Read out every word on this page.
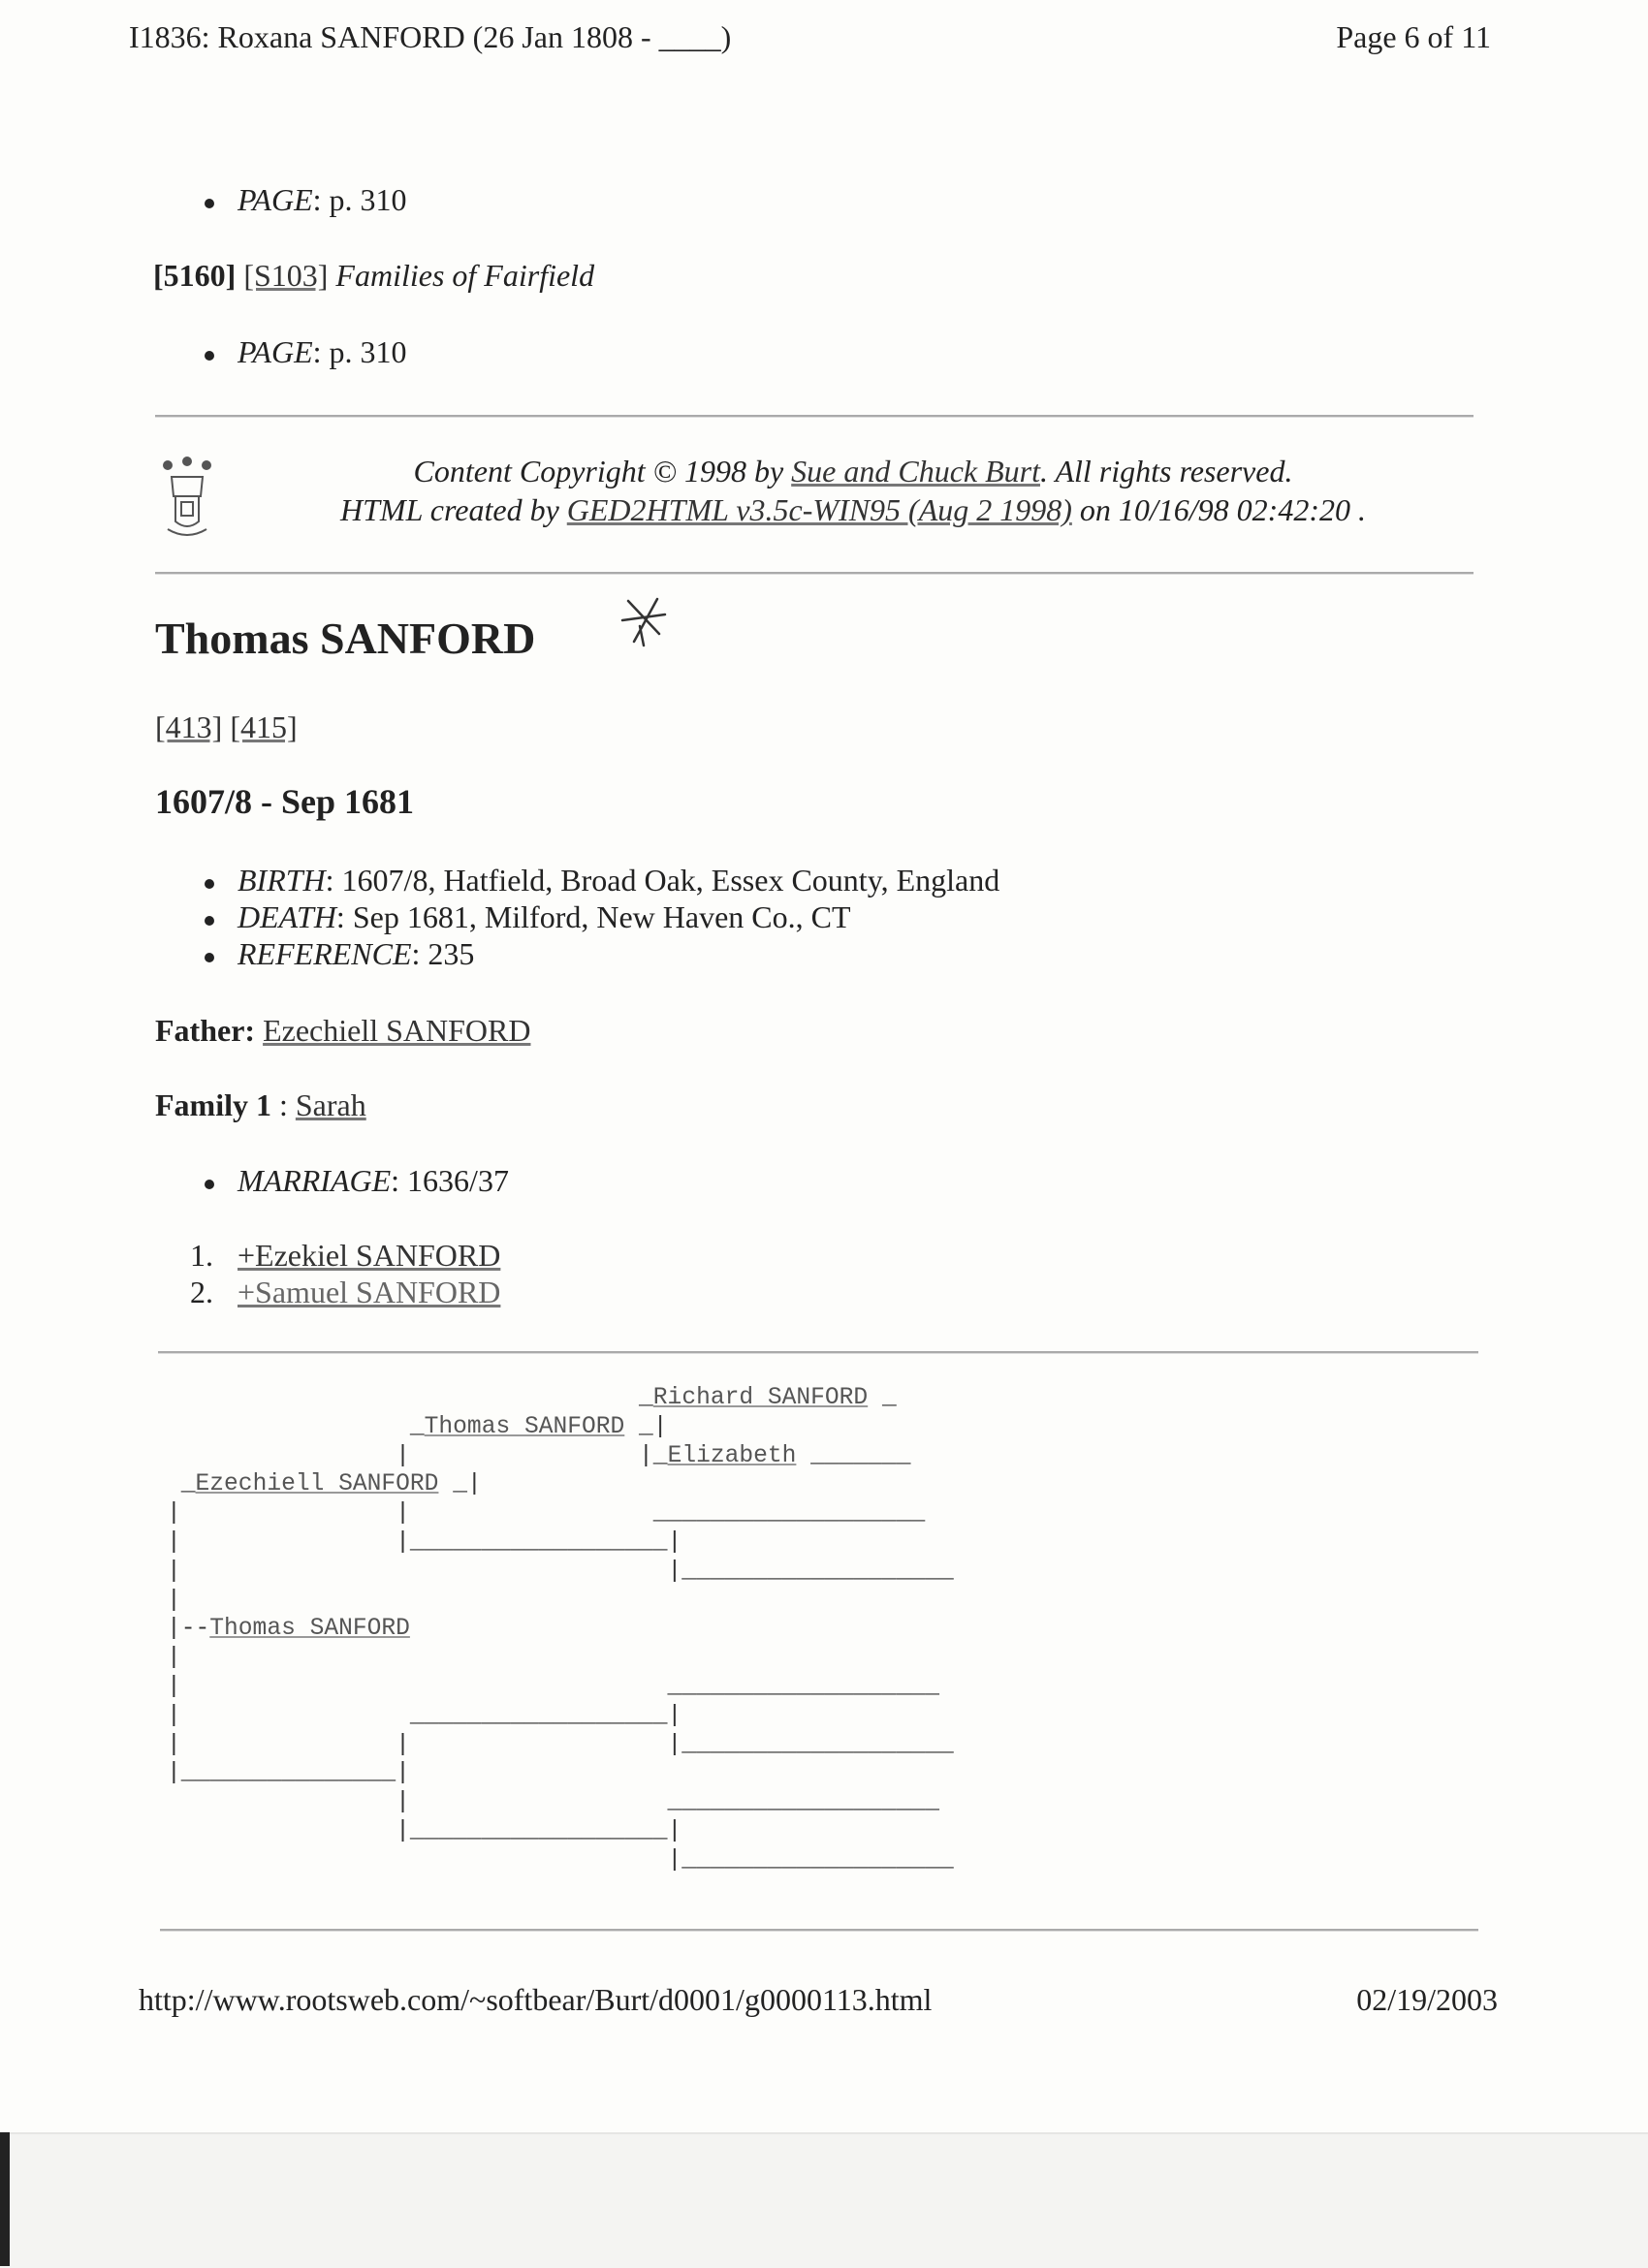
I1836: Roxana SANFORD (26 Jan 1808 - ____)	Page 6 of 11
PAGE: p. 310
[5160] [S103] Families of Fairfield
PAGE: p. 310
Content Copyright © 1998 by Sue and Chuck Burt. All rights reserved.
HTML created by GED2HTML v3.5c-WIN95 (Aug 2 1998) on 10/16/98 02:42:20 .
Thomas SANFORD
[413] [415]
1607/8 - Sep 1681
BIRTH: 1607/8, Hatfield, Broad Oak, Essex County, England
DEATH: Sep 1681, Milford, New Haven Co., CT
REFERENCE: 235
Father: Ezechiell SANFORD
Family 1 : Sarah
MARRIAGE: 1636/37
1. +Ezekiel SANFORD
2. +Samuel SANFORD
_Richard SANFORD _
_Thomas SANFORD _|
|                |_Elizabeth _______
_Ezechiell SANFORD _|
|               |                 ___________________
|               |__________________|
|                                  |___________________
|
|--Thomas SANFORD
|
|                                  ___________________
|                __________________|
|               |                  |___________________
|_______________|
|                  ___________________
|__________________|
|___________________
http://www.rootsweb.com/~softbear/Burt/d0001/g0000113.html	02/19/2003
